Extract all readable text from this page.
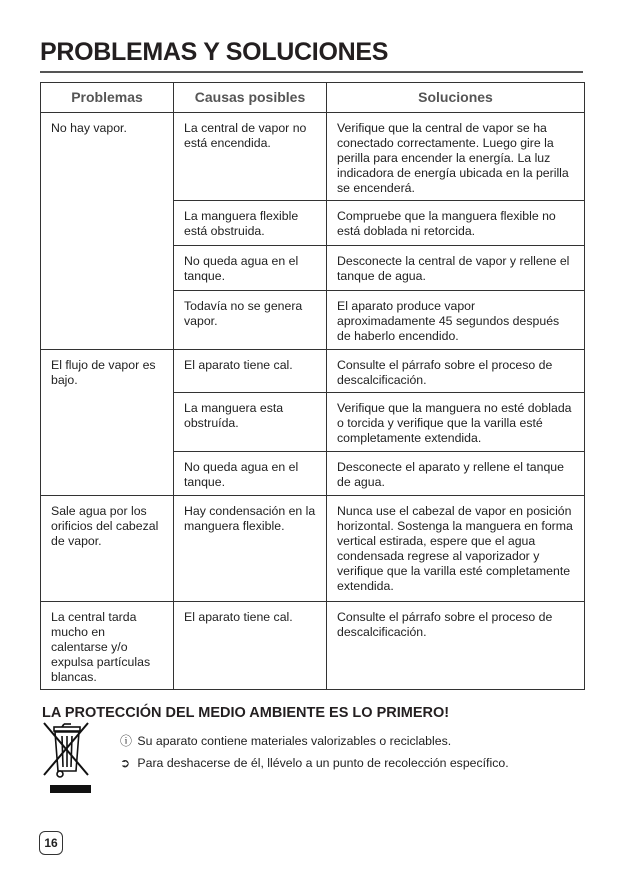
PROBLEMAS Y SOLUCIONES
Problemas	Causas posibles	Soluciones
No hay vapor.	La central de vapor no está encendida.	Verifique que la central de vapor se ha conectado correctamente. Luego gire la perilla para encender la energía. La luz indicadora de energía ubicada en la perilla se encenderá.
	La manguera flexible está obstruida.	Compruebe que la manguera flexible no está doblada ni retorcida.
	No queda agua en el tanque.	Desconecte la central de vapor y rellene el tanque de agua.
	Todavía no se genera vapor.	El aparato produce vapor aproximadamente 45 segundos después de haberlo encendido.
El flujo de vapor es bajo.	El aparato tiene cal.	Consulte el párrafo sobre el proceso de descalcificación.
	La manguera esta obstruída.	Verifique que la manguera no esté doblada o torcida y verifique que la varilla esté completamente extendida.
	No queda agua en el tanque.	Desconecte el aparato y rellene el tanque de agua.
Sale agua por los orificios del cabezal de vapor.	Hay condensación en la manguera flexible.	Nunca use el cabezal de vapor en posición horizontal. Sostenga la manguera en forma vertical estirada, espere que el agua condensada regrese al vaporizador y verifique que la varilla esté completamente extendida.
La central tarda mucho en calentarse y/o expulsa partículas blancas.	El aparato tiene cal.	Consulte el párrafo sobre el proceso de descalcificación.
LA PROTECCIÓN DEL MEDIO AMBIENTE ES LO PRIMERO!
ⓘ Su aparato contiene materiales valorizables o reciclables.
➲ Para deshacerse de él, llévelo a un punto de recolección específico.
16
